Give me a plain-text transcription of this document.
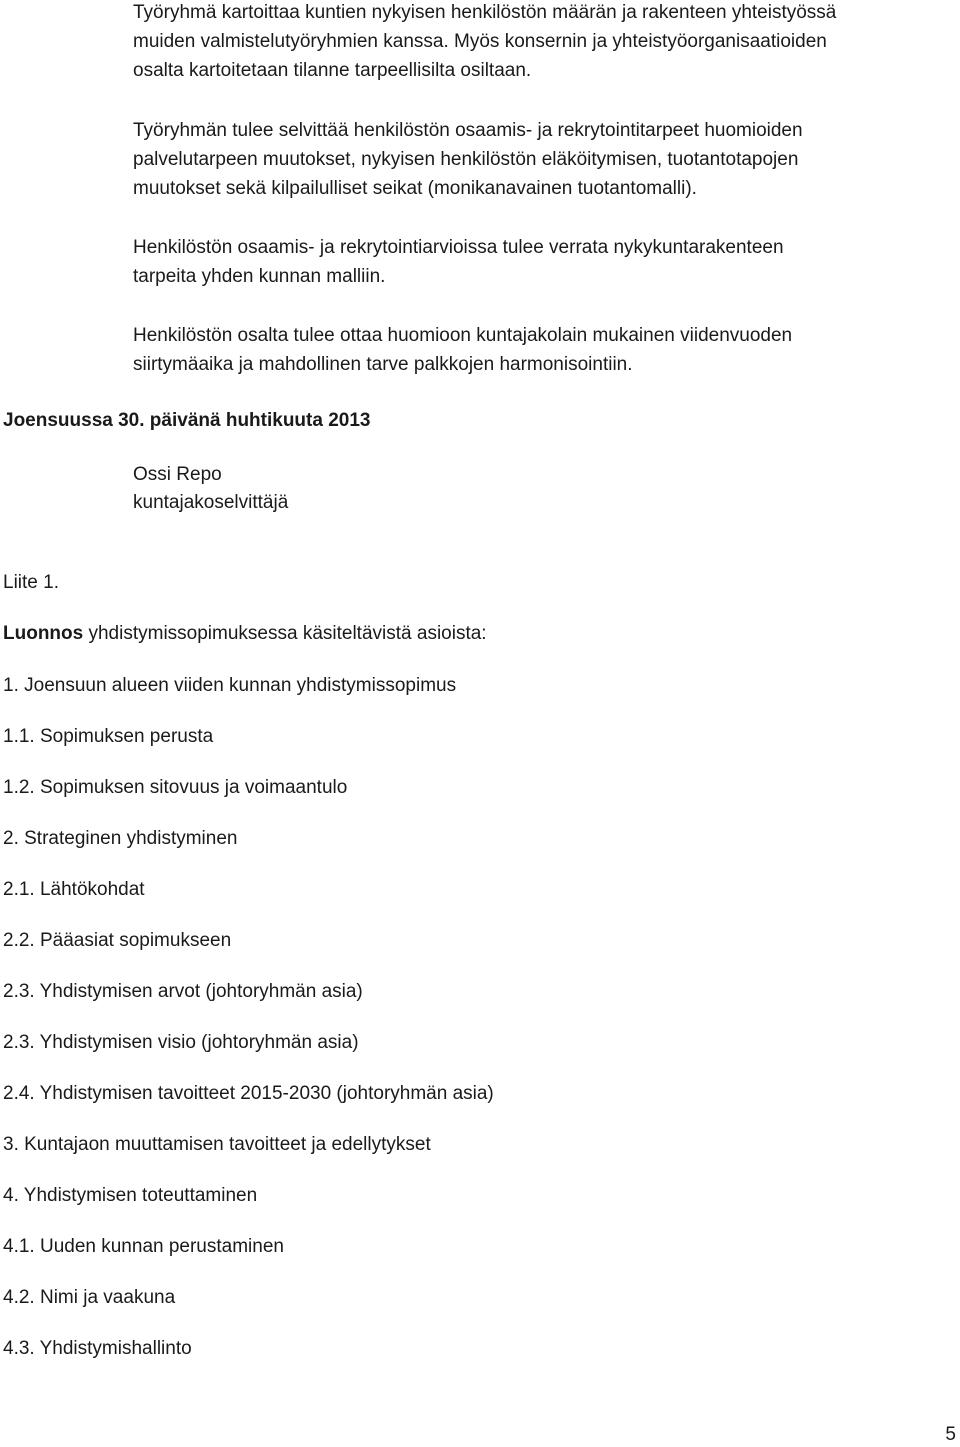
Työryhmä kartoittaa kuntien nykyisen henkilöstön määrän ja rakenteen yhteistyössä
muiden valmistelutyöryhmien kanssa. Myös konsernin ja yhteistyöorganisaatioiden
osalta kartoitetaan tilanne tarpeellisilta osiltaan.
Työryhmän tulee selvittää henkilöstön osaamis- ja rekrytointitarpeet huomioiden
palvelutarpeen muutokset, nykyisen henkilöstön eläköitymisen, tuotantotapojen
muutokset sekä kilpailulliset seikat (monikanavainen tuotantomalli).
Henkilöstön osaamis- ja rekrytointiarvioissa tulee verrata nykykuntarakenteen
tarpeita yhden kunnan malliin.
Henkilöstön osalta tulee ottaa huomioon kuntajakolain mukainen viidenvuoden
siirtymäaika ja mahdollinen tarve palkkojen harmonisointiin.
Joensuussa 30. päivänä huhtikuuta 2013
Ossi Repo
kuntajakoselvittäjä
Liite 1.
Luonnos yhdistymissopimuksessa käsiteltävistä asioista:
1. Joensuun alueen viiden kunnan yhdistymissopimus
1.1. Sopimuksen perusta
1.2. Sopimuksen sitovuus ja voimaantulo
2. Strateginen yhdistyminen
2.1. Lähtökohdat
2.2. Pääasiat sopimukseen
2.3. Yhdistymisen arvot (johtoryhmän asia)
2.3. Yhdistymisen visio (johtoryhmän asia)
2.4. Yhdistymisen tavoitteet 2015-2030 (johtoryhmän asia)
3. Kuntajaon muuttamisen tavoitteet ja edellytykset
4. Yhdistymisen toteuttaminen
4.1. Uuden kunnan perustaminen
4.2. Nimi ja vaakuna
4.3. Yhdistymishallinto
5
